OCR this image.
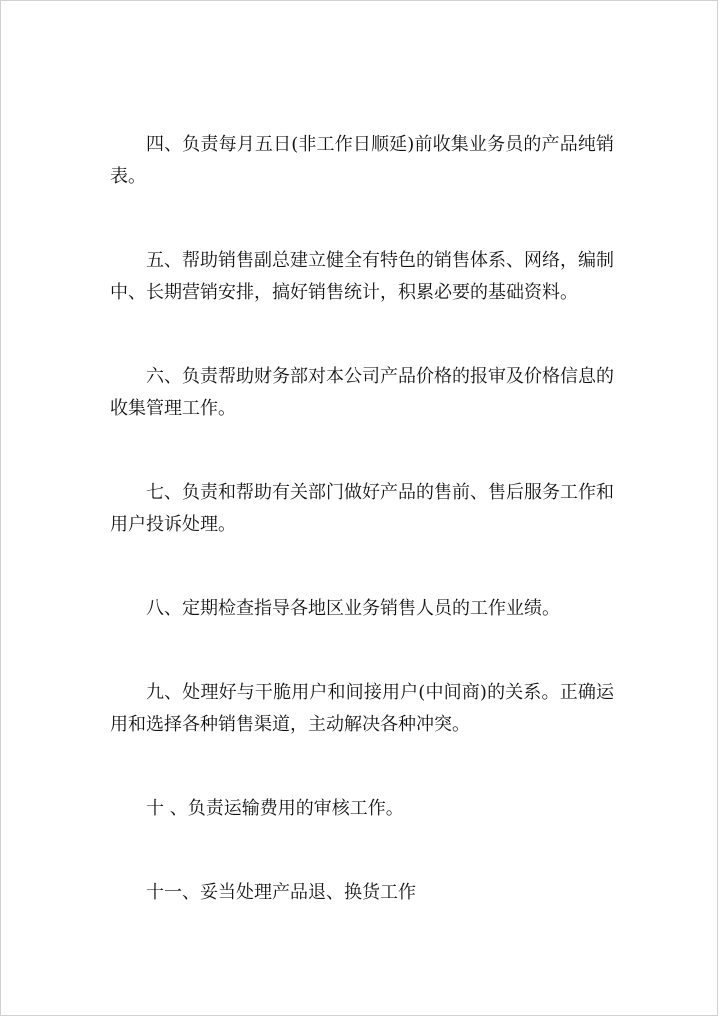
四、负责每月五日(非工作日顺延)前收集业务员的产品纯销表。

五、帮助销售副总建立健全有特色的销售体系、网络，编制中、长期营销安排，搞好销售统计，积累必要的基础资料。

六、负责帮助财务部对本公司产品价格的报审及价格信息的收集管理工作。

七、负责和帮助有关部门做好产品的售前、售后服务工作和用户投诉处理。

八、定期检查指导各地区业务销售人员的工作业绩。

九、处理好与干脆用户和间接用户(中间商)的关系。正确运用和选择各种销售渠道，主动解决各种冲突。

十 、负责运输费用的审核工作。

十一、妥当处理产品退、换货工作
